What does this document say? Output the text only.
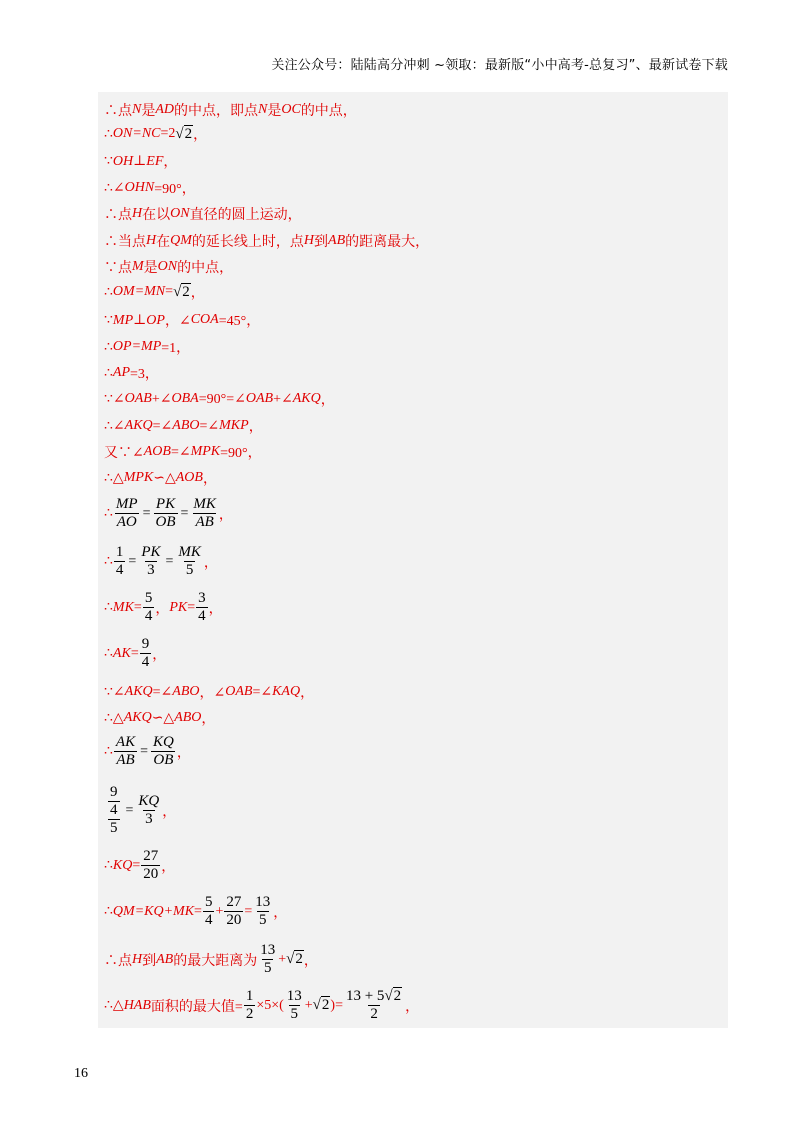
关注公众号：陆陆高分冲刺 ~领取：最新版“小中高考-总复习”、最新试卷下载
∴点 N 是 AD 的中点，即点 N 是 OC 的中点，
∴ ON=NC =2 √2 ，
∵ OH⊥EF ，
∴∠ OHN =90°，
∴点 H 在以 ON 直径的圆上运动，
∴当点 H 在 QM 的延长线上时，点 H 到 AB 的距离最大，
∵点 M 是 ON 的中点，
∴ OM=MN = √2 ，
∵ MP⊥OP ，∠ COA =45°，
∴ OP=MP =1，
∴ AP =3，
∵∠ OAB +∠ OBA =90°=∠ OAB +∠ AKQ ，
∴∠ AKQ =∠ ABO =∠ MKP ，
又∵∠ AOB =∠ MPK =90°，
∴△ MPK ∽△ AOB ，
∴ $\frac{MP}{AO} = \frac{PK}{OB} = \frac{MK}{AB}$ ，
∴ $\frac{1}{4} = \frac{PK}{3} = \frac{MK}{5}$ ，
∴ MK = $\frac{5}{4}$ ， PK = $\frac{3}{4}$ ，
∴ AK = $\frac{9}{4}$ ，
∵∠ AKQ =∠ ABO ，∠ OAB =∠ KAQ ，
∴△ AKQ ∽△ ABO ，
∴ $\frac{AK}{AB} = \frac{KQ}{OB}$ ，
$\frac{\frac{9}{4}}{5} = \frac{KQ}{3}$ ，
∴ KQ = $\frac{27}{20}$ ，
∴ $QM=KQ+MK = \frac{5}{4} + \frac{27}{20} = \frac{13}{5}$ ，
∴点 H 到 AB 的最大距离为 $\frac{13}{5} + √2$ ，
∴△ HAB 面积的最大值= $\frac{1}{2} \times 5\times( \frac{13}{5} + √2$ )= $\frac{13 + 5√2}{2}$ ，
16
